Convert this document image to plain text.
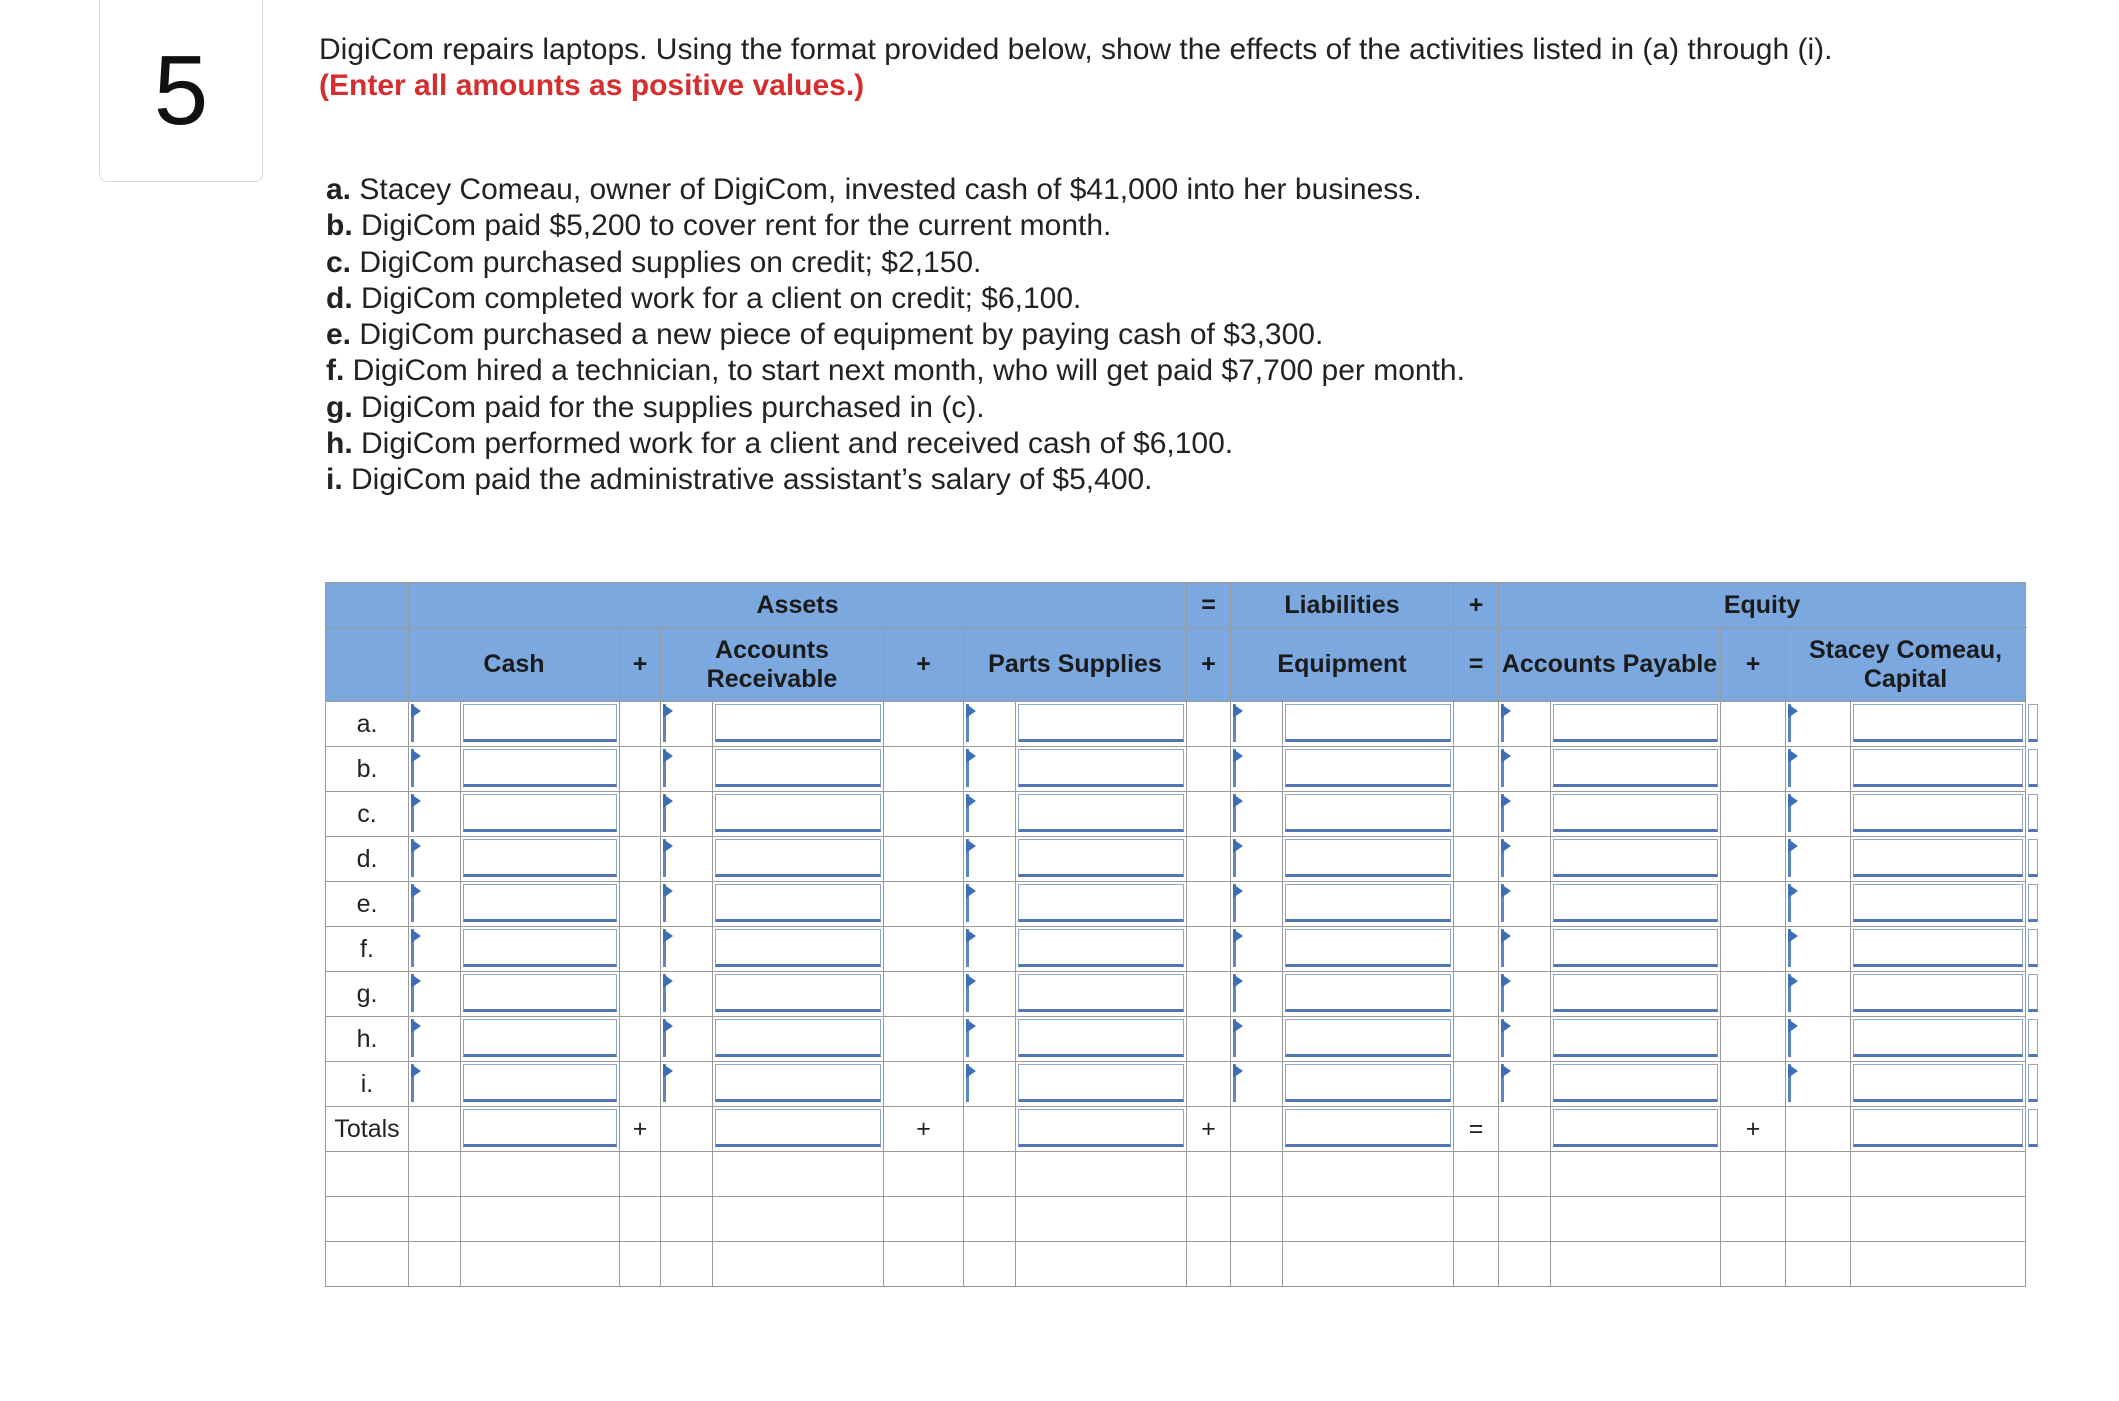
5	DigiCom repairs laptops. Using the format provided below, show the effects of the activities listed in (a) through (i).
(Enter all amounts as positive values.)
a. Stacey Comeau, owner of DigiCom, invested cash of $41,000 into her business.
b. DigiCom paid $5,200 to cover rent for the current month.
c. DigiCom purchased supplies on credit; $2,150.
d. DigiCom completed work for a client on credit; $6,100.
e. DigiCom purchased a new piece of equipment by paying cash of $3,300.
f. DigiCom hired a technician, to start next month, who will get paid $7,700 per month.
g. DigiCom paid for the supplies purchased in (c).
h. DigiCom performed work for a client and received cash of $6,100.
i. DigiCom paid the administrative assistant’s salary of $5,400.
	Assets								=	Liabilities		+	Equity					
	Cash		+	Accounts Receivable		+	Parts Supplies		+	Equipment		=	Accounts Payable		+	Stacey Comeau, Capital		
a.	

b.	

c.	

d.	

e.	

f.	

g.	

h.	

i.	

Totals			+			+			+			=			+		
